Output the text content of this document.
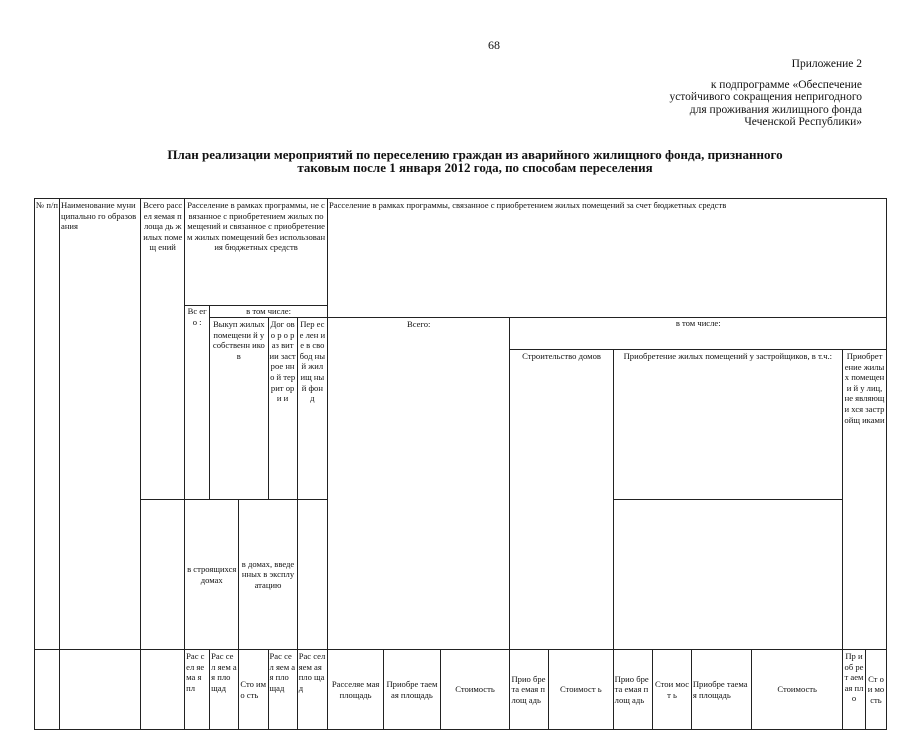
68
Приложение 2
к подпрограмме «Обеспечение
устойчивого сокращения непригодного
для проживания жилищного фонда
Чеченской Республики»
План реализации мероприятий по переселению граждан из аварийного жилищного фонда, признанного
таковым после 1 января 2012 года, по способам переселения
№ п/п	Наименование муниципально го образования	Всего рассел яемая площа дь жилых помещ ений	Расселение в рамках программы, не связанное с приобретением жилых помещений и связанное с приобретением жилых помещений без использования бюджетных средств					Расселение в рамках программы, связанное с приобретением жилых помещений за счет бюджетных средств										
			Вс его :	в том числе:														
				Выкуп жилых помещени й у собственн иков		Дог ово р о раз вит ии заст рое нно й тер рит ори и	Пер есе лен ие в сво бод ный жил ищ ный фон д	Всего:			в том числе:							
											Строительство домов		Приобретение жилых помещений у застройщиков, в т.ч.:				Приобрет ение жилых помещени й у лиц, не являющи хся застройщ иками	
			в строящихся домах		в домах, введенных в эксплуатацию													
			Рас сел яе ма я пл	Рас сел яем ая пло щад	Сто имо сть	Рас сел яем ая пло щад	Рас сел яем ая пло щад	Расселяе мая площадь	Приобре таемая площадь	Стоимость	Прио брета емая площ адь	Стоимост ь	Прио брета емая площ адь	Стои мост ь	Приобре таемая площадь	Стоимость	Пр иоб рет аем ая пло	Ст ои мо сть
